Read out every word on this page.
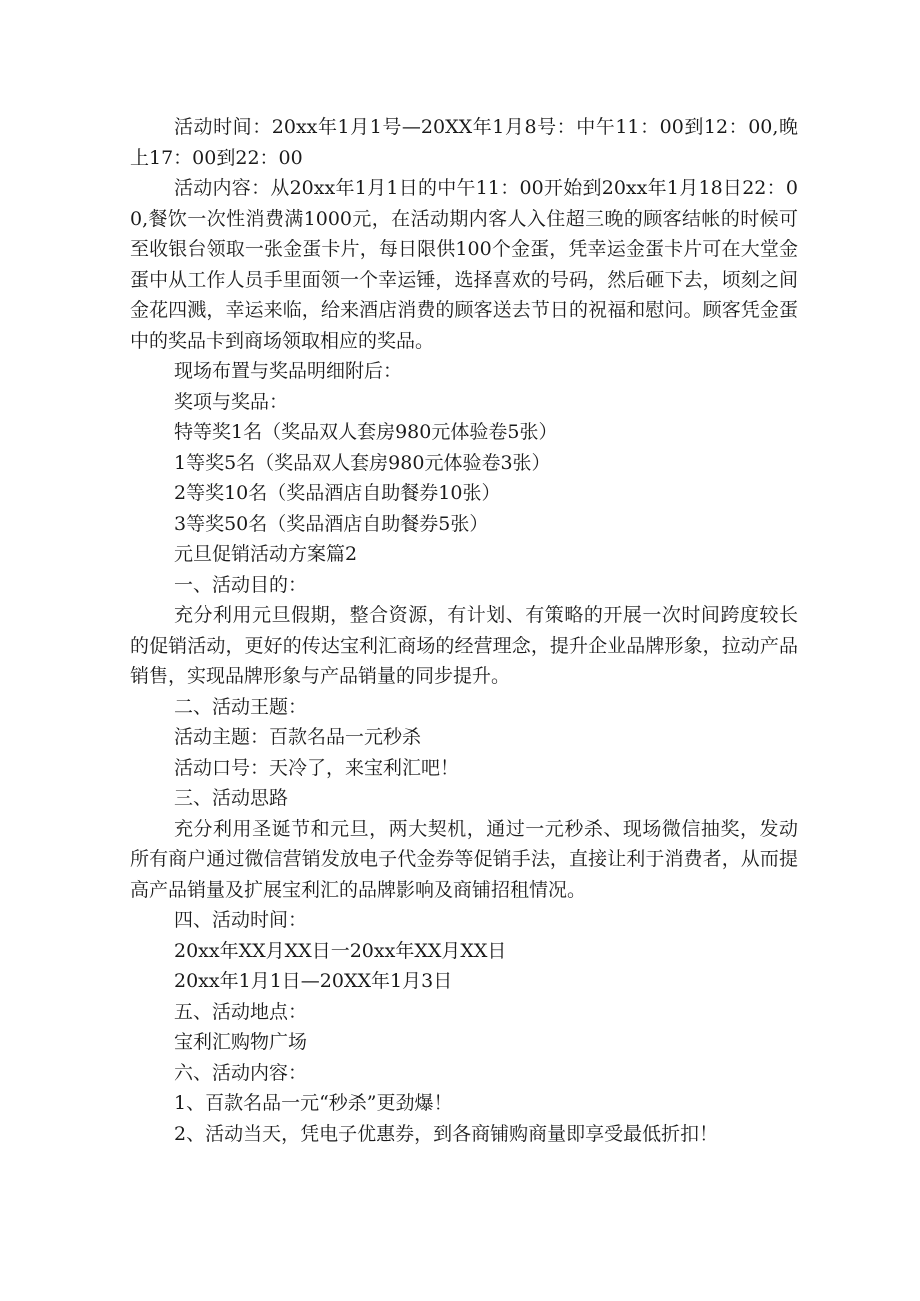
活动时间：20xx年1月1号—20XX年1月8号：中午11：00到12：00,晚上17：00到22：00

活动内容：从20xx年1月1日的中午11：00开始到20xx年1月18日22：00,餐饮一次性消费满1000元，在活动期内客人入住超三晚的顾客结帐的时候可至收银台领取一张金蛋卡片，每日限供100个金蛋，凭幸运金蛋卡片可在大堂金蛋中从工作人员手里面领一个幸运锤，选择喜欢的号码，然后砸下去，顷刻之间金花四溅，幸运来临，给来酒店消费的顾客送去节日的祝福和慰问。顾客凭金蛋中的奖品卡到商场领取相应的奖品。

现场布置与奖品明细附后：

奖项与奖品：

特等奖1名（奖品双人套房980元体验卷5张）

1等奖5名（奖品双人套房980元体验卷3张）

2等奖10名（奖品酒店自助餐券10张）

3等奖50名（奖品酒店自助餐券5张）

元旦促销活动方案篇2

一、活动目的：

充分利用元旦假期，整合资源，有计划、有策略的开展一次时间跨度较长的促销活动，更好的传达宝利汇商场的经营理念，提升企业品牌形象，拉动产品销售，实现品牌形象与产品销量的同步提升。

二、活动王题：

活动主题：百款名品一元秒杀

活动口号：天冷了，来宝利汇吧！

三、活动思路

充分利用圣诞节和元旦，两大契机，通过一元秒杀、现场微信抽奖，发动所有商户通过微信营销发放电子代金券等促销手法，直接让利于消费者，从而提高产品销量及扩展宝利汇的品牌影响及商铺招租情况。

四、活动时间：

20xx年XX月XX日一20xx年XX月XX日

20xx年1月1日—20XX年1月3日

五、活动地点：

宝利汇购物广场

六、活动内容：

1、百款名品一元“秒杀”更劲爆！

2、活动当天，凭电子优惠券，到各商铺购商量即享受最低折扣！
